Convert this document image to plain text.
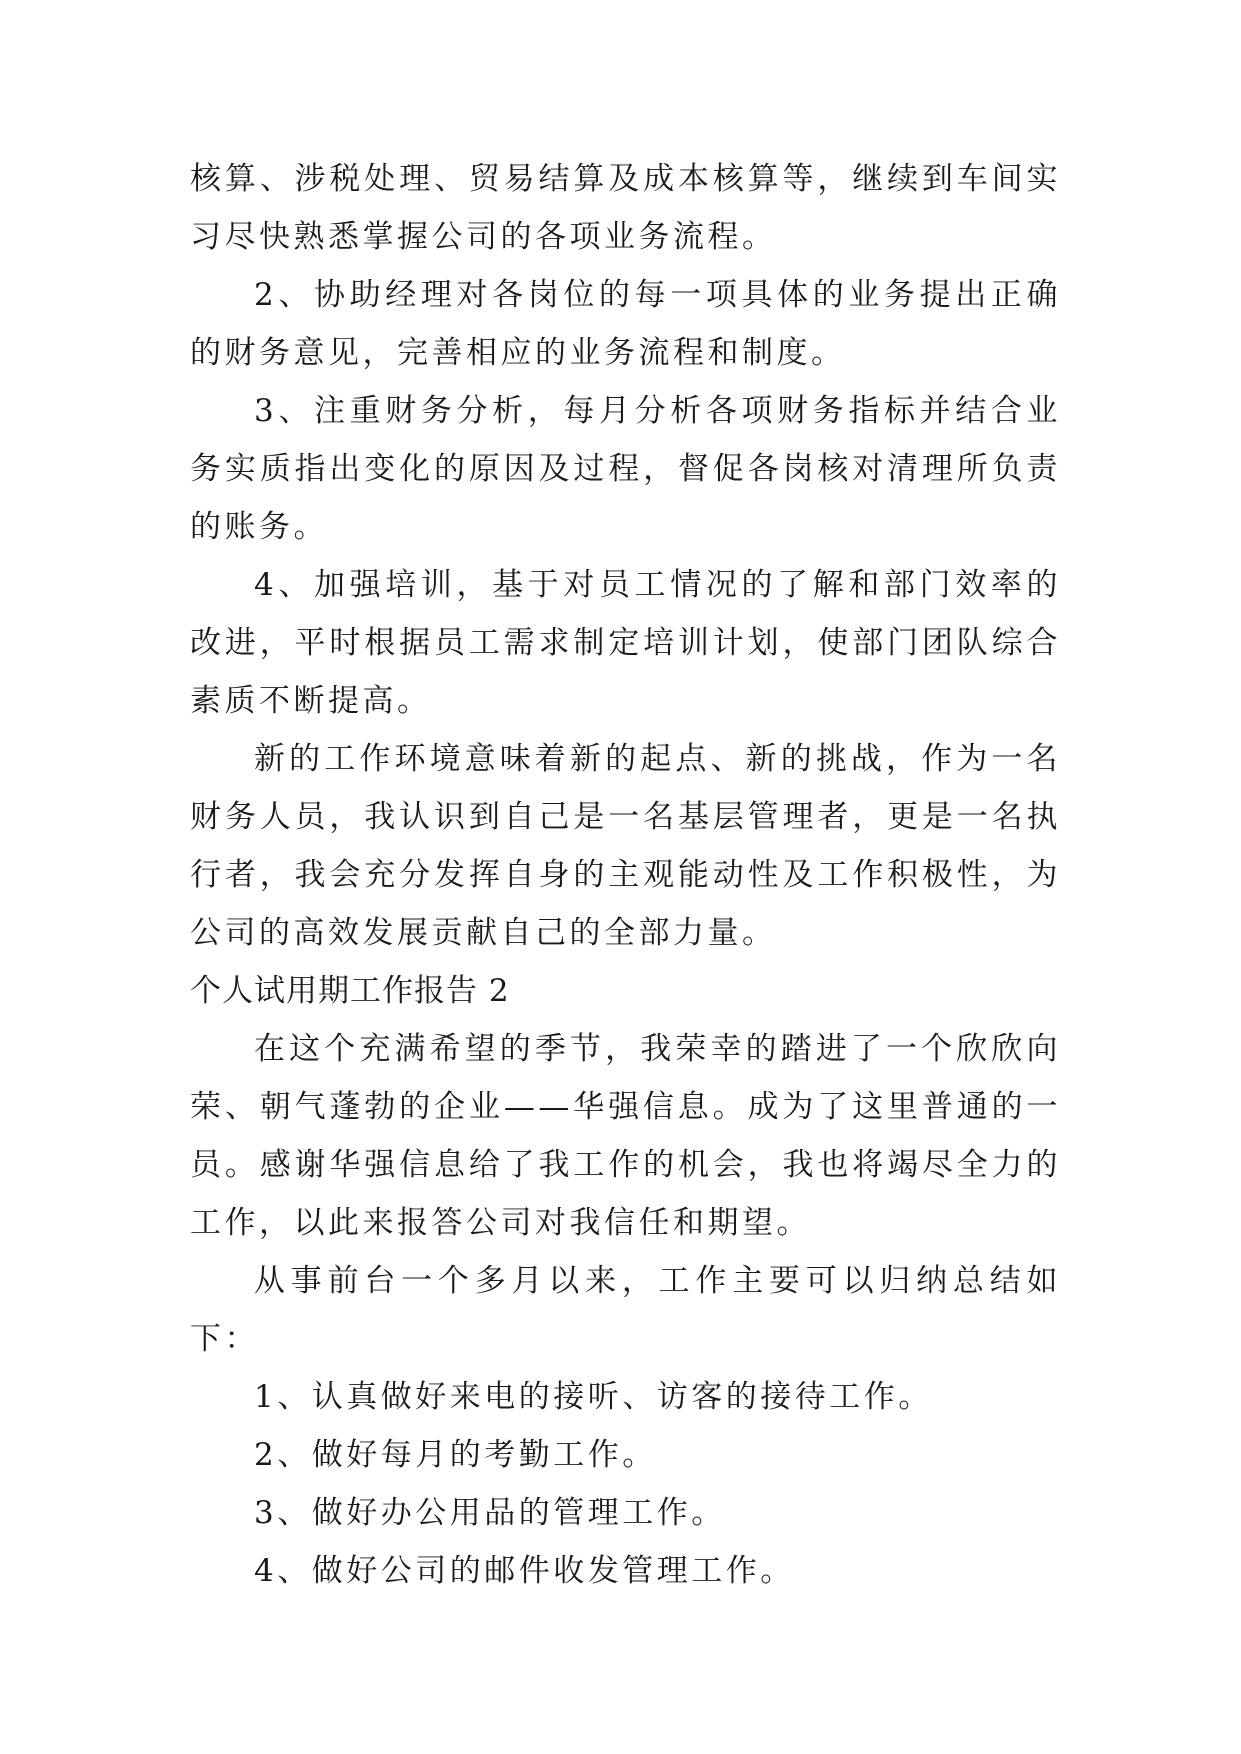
核算、涉税处理、贸易结算及成本核算等，继续到车间实习尽快熟悉掌握公司的各项业务流程。

2、协助经理对各岗位的每一项具体的业务提出正确的财务意见，完善相应的业务流程和制度。

3、注重财务分析，每月分析各项财务指标并结合业务实质指出变化的原因及过程，督促各岗核对清理所负责的账务。

4、加强培训，基于对员工情况的了解和部门效率的改进，平时根据员工需求制定培训计划，使部门团队综合素质不断提高。

新的工作环境意味着新的起点、新的挑战，作为一名财务人员，我认识到自己是一名基层管理者，更是一名执行者，我会充分发挥自身的主观能动性及工作积极性，为公司的高效发展贡献自己的全部力量。

个人试用期工作报告 2

在这个充满希望的季节，我荣幸的踏进了一个欣欣向荣、朝气蓬勃的企业——华强信息。成为了这里普通的一员。感谢华强信息给了我工作的机会，我也将竭尽全力的工作，以此来报答公司对我信任和期望。

从事前台一个多月以来，工作主要可以归纳总结如下：

1、认真做好来电的接听、访客的接待工作。

2、做好每月的考勤工作。

3、做好办公用品的管理工作。

4、做好公司的邮件收发管理工作。
